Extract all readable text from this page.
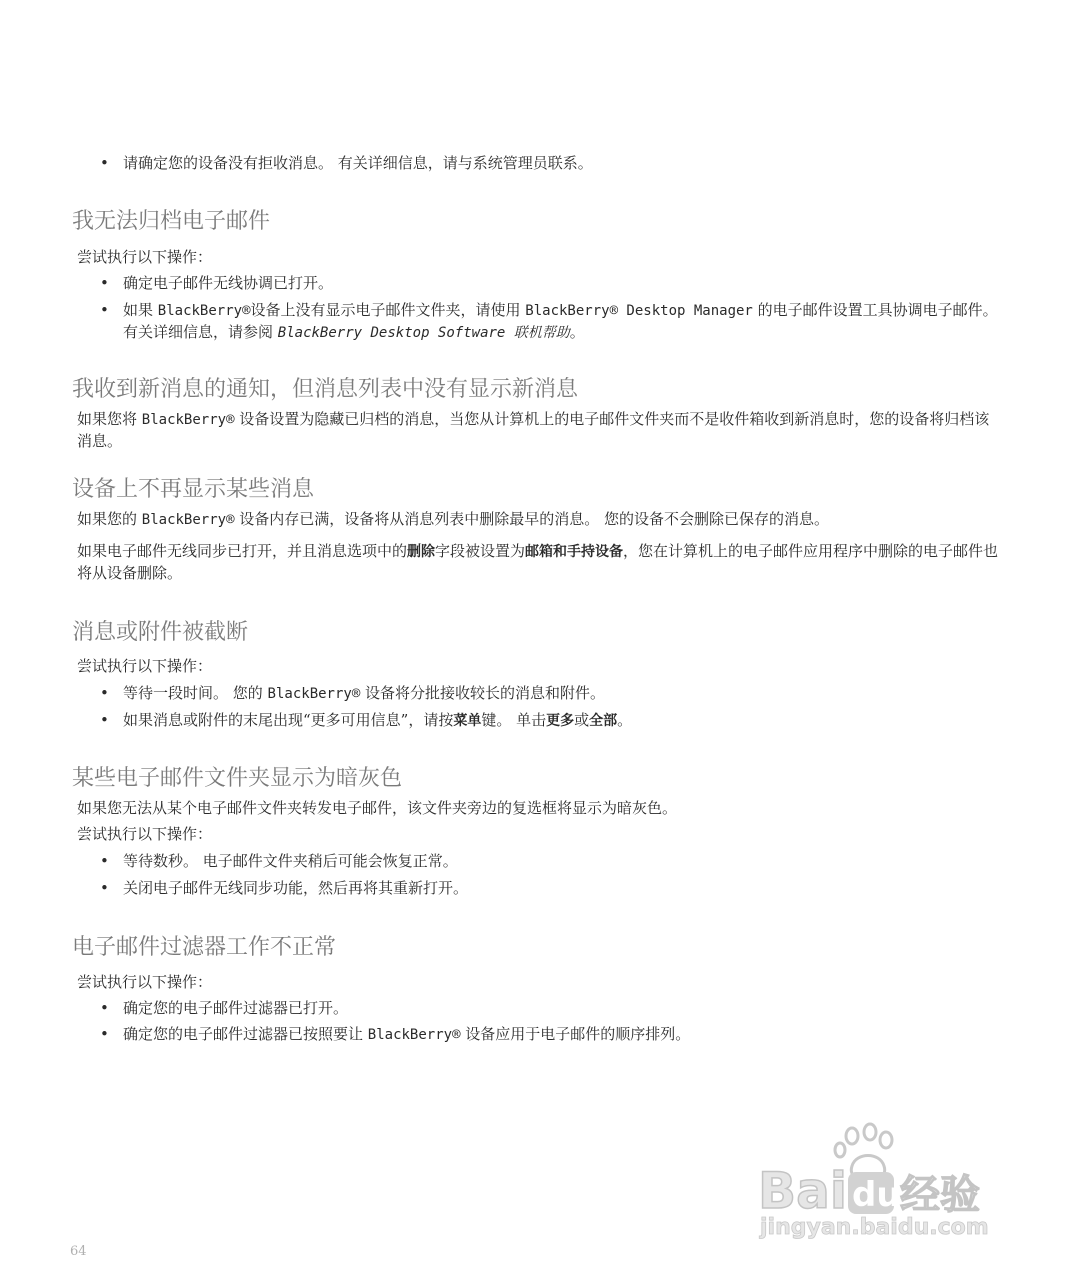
• 请确定您的设备没有拒收消息。 有关详细信息，请与系统管理员联系。
我无法归档电子邮件
尝试执行以下操作：
• 确定电子邮件无线协调已打开。
• 如果 BlackBerry®设备上没有显示电子邮件文件夹，请使用 BlackBerry® Desktop Manager 的电子邮件设置工具协调电子邮件。 有关详细信息，请参阅 BlackBerry Desktop Software 联机帮助。
我收到新消息的通知，但消息列表中没有显示新消息
如果您将 BlackBerry® 设备设置为隐藏已归档的消息，当您从计算机上的电子邮件文件夹而不是收件箱收到新消息时，您的设备将归档该消息。
设备上不再显示某些消息
如果您的 BlackBerry® 设备内存已满，设备将从消息列表中删除最早的消息。 您的设备不会删除已保存的消息。
如果电子邮件无线同步已打开，并且消息选项中的删除字段被设置为邮箱和手持设备，您在计算机上的电子邮件应用程序中删除的电子邮件也将从设备删除。
消息或附件被截断
尝试执行以下操作：
• 等待一段时间。 您的 BlackBerry® 设备将分批接收较长的消息和附件。
• 如果消息或附件的末尾出现“更多可用信息”，请按菜单键。 单击更多或全部。
某些电子邮件文件夹显示为暗灰色
如果您无法从某个电子邮件文件夹转发电子邮件，该文件夹旁边的复选框将显示为暗灰色。
尝试执行以下操作：
• 等待数秒。 电子邮件文件夹稍后可能会恢复正常。
• 关闭电子邮件无线同步功能，然后再将其重新打开。
电子邮件过滤器工作不正常
尝试执行以下操作：
• 确定您的电子邮件过滤器已打开。
• 确定您的电子邮件过滤器已按照要让 BlackBerry® 设备应用于电子邮件的顺序排列。
Bai du 经验
jingyan.baidu.com
64
